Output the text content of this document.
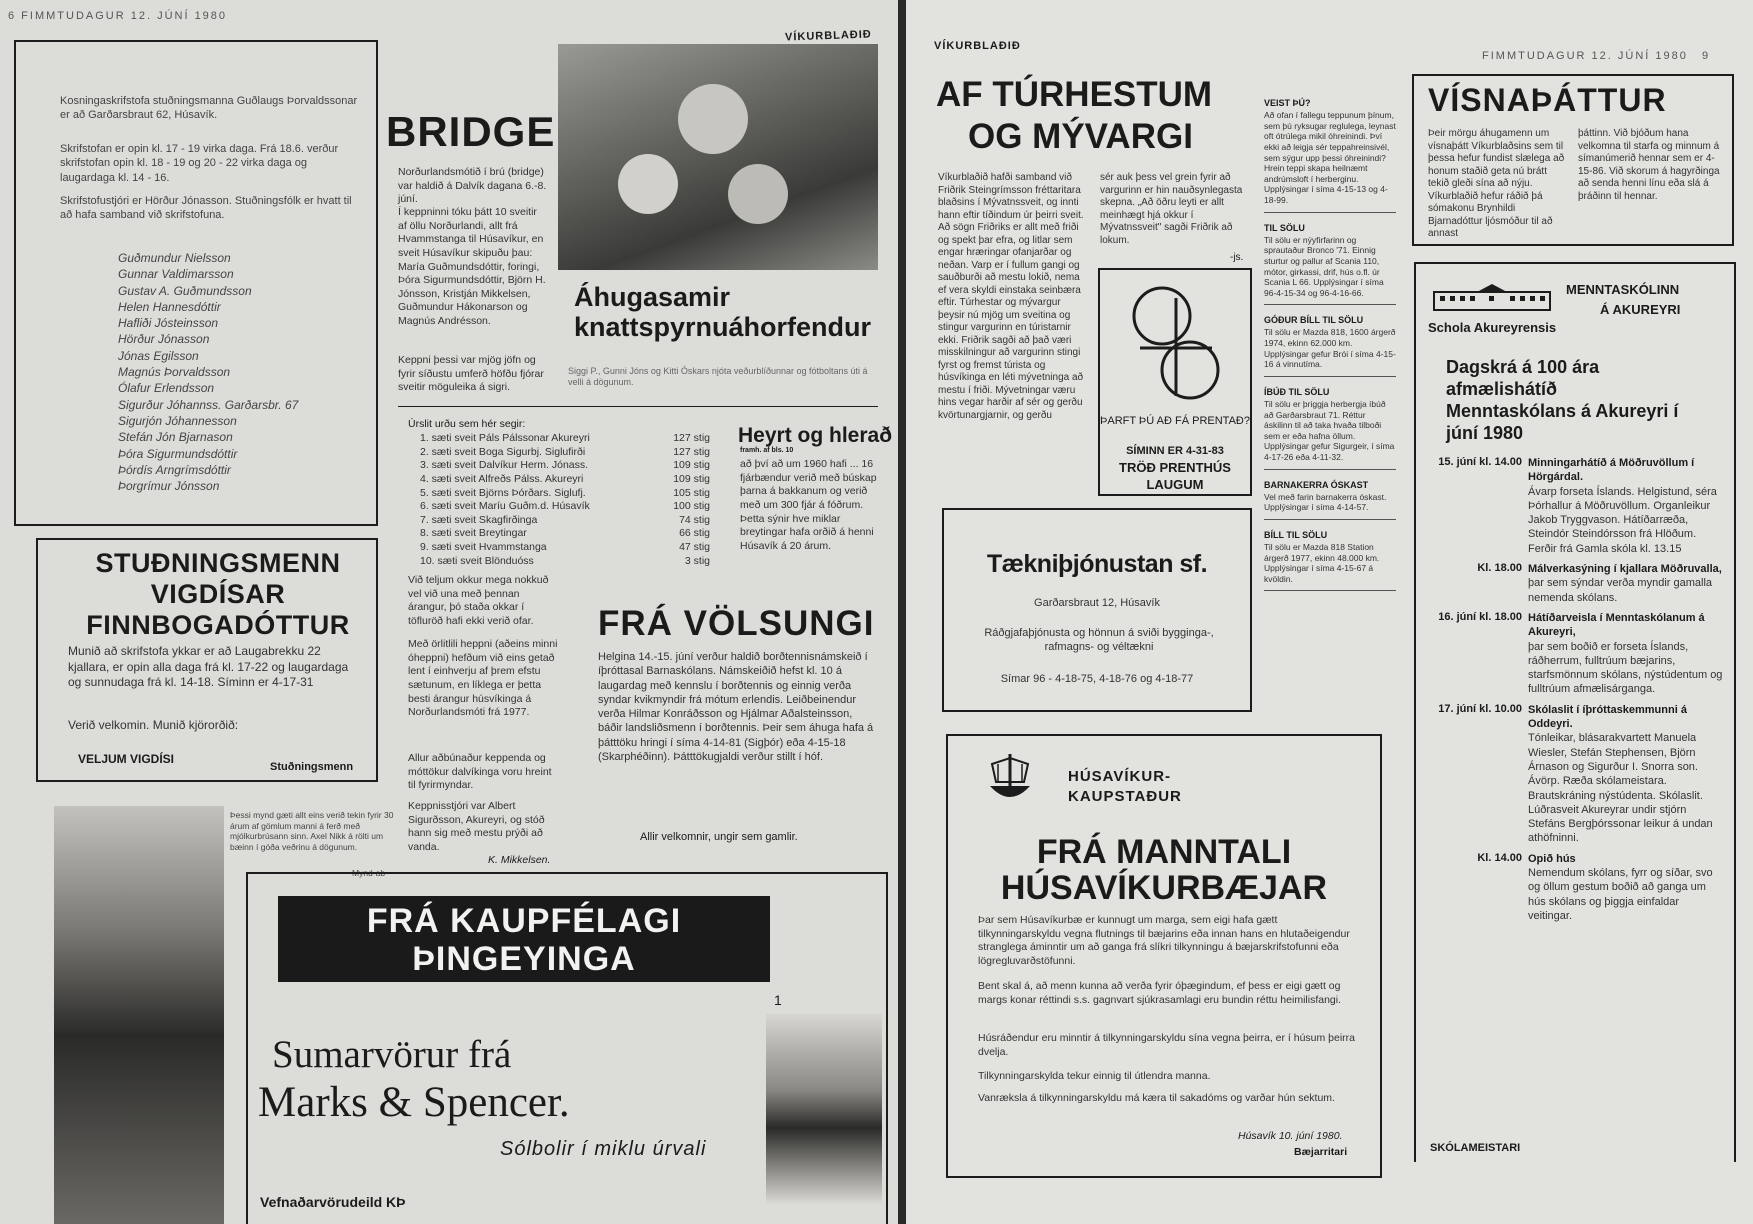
6 FIMMTUDAGUR 12. JÚNÍ 1980
VÍKURBLAÐIÐ
Kosningaskrifstofa stuðningsmanna Guðlaugs Þorvaldssonar er að Garðarsbraut 62, Húsavík.
Skrifstofan er opin kl. 17 - 19 virka daga. Frá 18.6. verður skrifstofan opin kl. 18 - 19 og 20 - 22 virka daga og laugardaga kl. 14 - 16.
Skrifstofustjóri er Hörður Jónasson. Stuðningsfólk er hvatt til að hafa samband við skrifstofuna.
Guðmundur Nielsson
Gunnar Valdimarsson
Gustav A. Guðmundsson
Helen Hannesdóttir
Hafliði Jósteinsson
Hörður Jónasson
Jónas Egilsson
Magnús Þorvaldsson
Ólafur Erlendsson
Sigurður Jóhannss. Garðarsbr. 67
Sigurjón Jóhannesson
Stefán Jón Bjarnason
Þóra Sigurmundsdóttir
Þórdís Arngrímsdóttir
Þorgrímur Jónsson
STUÐNINGSMENN VIGDÍSAR FINNBOGADÓTTUR
Munið að skrifstofa ykkar er að Laugabrekku 22 kjallara, er opin alla daga frá kl. 17-22 og laugardaga og sunnudaga frá kl. 14-18. Síminn er 4-17-31
Verið velkomin. Munið kjörorðið:
VELJUM VIGDÍSI
Stuðningsmenn
BRIDGE
Norðurlandsmótið í brú (bridge) var haldið á Dalvík dagana 6.-8. júní.
Í keppninni tóku þátt 10 sveitir af öllu Norðurlandi, allt frá Hvammstanga til Húsavíkur, en sveit Húsavíkur skipuðu þau: María Guðmundsdóttir, foringi, Þóra Sigurmundsdóttir, Björn H. Jónsson, Kristján Mikkelsen, Guðmundur Hákonarson og Magnús Andrésson.
Keppni þessi var mjög jöfn og fyrir síðustu umferð höfðu fjórar sveitir möguleika á sigri.
Úrslit urðu sem hér segir:
1. sæti sveit Páls Pálssonar Akureyri	127 stig
2. sæti sveit Boga Sigurbj. Siglufirði	127 stig
3. sæti sveit Dalvíkur Herm. Jónass.	109 stig
4. sæti sveit Alfreðs Pálss. Akureyri	109 stig
5. sæti sveit Björns Þórðars. Siglufj.	105 stig
6. sæti sveit Maríu Guðm.d. Húsavík	100 stig
7. sæti sveit Skagfirðinga	74 stig
8. sæti sveit Breytingar	66 stig
9. sæti sveit Hvammstanga	47 stig
10. sæti sveit Blönduóss	3 stig
Við teljum okkur mega nokkuð vel við una með þennan árangur, þó staða okkar í töfluröð hafi ekki verið ofar.
Með örlitlili heppni (aðeins minni óheppni) hefðum við eins getað lent í einhverju af þrem efstu sætunum, en líklega er þetta besti árangur húsvíkinga á Norðurlandsmóti frá 1977.
Allur aðbúnaður keppenda og móttökur dalvíkinga voru hreint til fyrirmyndar.
Keppnisstjóri var Albert Sigurðsson, Akureyri, og stóð hann sig með mestu prýði að vanda.
K. Mikkelsen.
Áhugasamir knattspyrnuáhorfendur
Siggi P., Gunni Jóns og Kitti Óskars njóta veðurblíðunnar og fótboltans úti á velli á dögunum.
Heyrt og hlerað
framh. af bls. 10
að því að um 1960 hafi ... 16 fjárbændur verið með búskap þarna á bakkanum og verið með um 300 fjár á fóðrum. Þetta sýnir hve miklar breytingar hafa orðið á henni Húsavík á 20 árum.
FRÁ VÖLSUNGI
Helgina 14.-15. júní verður haldið borðtennisnámskeið í íþróttasal Barnaskólans. Námskeiðið hefst kl. 10 á laugardag með kennslu í borðtennis og einnig verða syndar kvikmyndir frá mótum erlendis. Leiðbeinendur verða Hilmar Konráðsson og Hjálmar Aðalsteinsson, báðir landsliðsmenn í borðtennis. Þeir sem áhuga hafa á þátttöku hringi í síma 4-14-81 (Sigþór) eða 4-15-18 (Skarphéðinn). Þátttökugjaldi verður stillt í hóf.
Allir velkomnir, ungir sem gamlir.
Þessi mynd gæti allt eins verið tekin fyrir 30 árum af gömlum manni á ferð með mjólkurbrúsann sinn. Axel Nikk á rölti um bæinn í góða veðrinu á dögunum.
Mynd-ab
FRÁ KAUPFÉLAGI
ÞINGEYINGA
1
Sumarvörur frá
Marks & Spencer.
Sólbolir í miklu úrvali
Vefnaðarvörudeild KÞ
VÍKURBLAÐIÐ
FIMMTUDAGUR 12. JÚNÍ 1980 9
AF TÚRHESTUM
OG MÝVARGI
Víkurblaðið hafði samband við Friðrik Steingrímsson fréttaritara blaðsins í Mývatnssveit, og innti hann eftir tíðindum úr þeirri sveit. Að sögn Friðriks er allt með friði og spekt þar efra, og litlar sem engar hræringar ofanjarðar og neðan. Varp er í fullum gangi og sauðburði að mestu lokið, nema ef vera skyldi einstaka seinbæra eftir. Túrhestar og mývargur þeysir nú mjög um sveitina og stingur vargurinn en túristarnir ekki. Friðrik sagði að það væri misskilningur að vargurinn stingi fyrst og fremst túrista og húsvíkinga en léti mývetninga að mestu í friði. Mývetningar væru hins vegar harðir af sér og gerðu kvörtunargjarnir, og gerðu
sér auk þess vel grein fyrir að vargurinn er hin nauðsynlegasta skepna. „Að öðru leyti er allt meinhægt hjá okkur í Mývatnssveit" sagði Friðrik að lokum.
-js.
ÞARFT ÞÚ AÐ FÁ PRENTAÐ?
SÍMINN ER 4-31-83
TRÖÐ PRENTHÚS
LAUGUM
Tækniþjónustan sf.
Garðarsbraut 12, Húsavík
Ráðgjafaþjónusta og hönnun á sviði bygginga-, rafmagns- og véltækni
Símar 96 - 4-18-75, 4-18-76 og 4-18-77
VEIST ÞÚ?

Að ofan í fallegu teppunum þínum, sem þú ryksugar reglulega, leynast oft ótrúlega mikil óhreinindi. Því ekki að leigja sér teppahreinsivél, sem sýgur upp þessi óhreinindi? Hrein teppi skapa heilnæmt andrúmsloft í herberginu. Upplýsingar í síma 4-15-13 og 4-18-99.

TIL SÖLU

Til sölu er nýyfirfarinn og sprautaður Bronco '71. Einnig sturtur og pallur af Scania 110, mótor, girkassi, drif, hús o.fl. úr Scania L 66. Upplýsingar í síma 96-4-15-34 og 96-4-16-66.

GÓÐUR BÍLL TIL SÖLU

Til sölu er Mazda 818, 1600 árgerð 1974, ekinn 62.000 km. Upplýsingar gefur Brói í síma 4-15-16 á vinnutíma.

ÍBÚÐ TIL SÖLU

Til sölu er þriggja herbergja íbúð að Garðarsbraut 71. Réttur áskilinn til að taka hvaða tilboði sem er eða hafna öllum. Upplýsingar gefur Sigurgeir, í síma 4-17-26 eða 4-11-32.

BARNAKERRA ÓSKAST

Vel með farin barnakerra óskast. Upplýsingar í síma 4-14-57.

BÍLL TIL SÖLU

Til sölu er Mazda 818 Station árgerð 1977, ekinn 48.000 km. Upplýsingar í síma 4-15-67 á kvöldin.

VÍSNAÞÁTTUR
Þeir mörgu áhugamenn um vísnaþátt Víkurblaðsins sem til þessa hefur fundist slælega að honum staðið geta nú brátt tekið gleði sína að nýju. Víkurblaðið hefur ráðið þá sómakonu Brynhildi Bjarnadóttur ljósmóður til að annast
þáttinn. Við bjóðum hana velkomna til starfa og minnum á símanúmerið hennar sem er 4-15-86. Við skorum á hagyrðinga að senda henni línu eða slá á þráðinn til hennar.
MENNTASKÓLINN
Á AKUREYRI
Schola Akureyrensis
Dagskrá á 100 ára afmælishátíð Menntaskólans á Akureyri í júní 1980
15. júní kl. 14.00 Minningarhátíð á Möðruvöllum í Hörgárdal.
Ávarp forseta Íslands. Helgistund, séra Þórhallur á Möðruvöllum. Organleikur Jakob Tryggvason. Hátíðarræða, Steindór Steindórsson frá Hlöðum. Ferðir frá Gamla skóla kl. 13.15
Kl. 18.00 Málverkasýning í kjallara Möðruvalla,
þar sem sýndar verða myndir gamalla nemenda skólans.
16. júní kl. 18.00 Hátíðarveisla í Menntaskólanum á Akureyri,
þar sem boðið er forseta Íslands, ráðherrum, fulltrúum bæjarins, starfsmönnum skólans, nýstúdentum og fulltrúum afmælisárganga.
17. júní kl. 10.00 Skólaslit í íþróttaskemmunni á Oddeyri.
Tónleikar, blásarakvartett Manuela Wiesler, Stefán Stephensen, Björn Árnason og Sigurður I. Snorra son. Ávörp. Ræða skólameistara. Brautskráning nýstúdenta. Skólaslit. Lúðrasveit Akureyrar undir stjórn Stefáns Bergþórssonar leikur á undan athöfninni.
Kl. 14.00 Opið hús
Nemendum skólans, fyrr og síðar, svo og öllum gestum boðið að ganga um hús skólans og þiggja einfaldar veitingar.
SKÓLAMEISTARI
HÚSAVÍKUR-
KAUPSTAÐUR
FRÁ MANNTALI
HÚSAVÍKURBÆJAR
Þar sem Húsavíkurbæ er kunnugt um marga, sem eigi hafa gætt tilkynningarskyldu vegna flutnings til bæjarins eða innan hans en hlutaðeigendur stranglega áminntir um að ganga frá slíkri tilkynningu á bæjarskrifstofunni eða lögregluvarðstöfunni.
Bent skal á, að menn kunna að verða fyrir óþægindum, ef þess er eigi gætt og margs konar réttindi s.s. gagnvart sjúkrasamlagi eru bundin réttu heimilisfangi.
Húsráðendur eru minntir á tilkynningarskyldu sína vegna þeirra, er í húsum þeirra dvelja.
Tilkynningarskylda tekur einnig til útlendra manna.
Vanræksla á tilkynningarskyldu má kæra til sakadóms og varðar hún sektum.
Húsavík 10. júní 1980.
Bæjarritari
